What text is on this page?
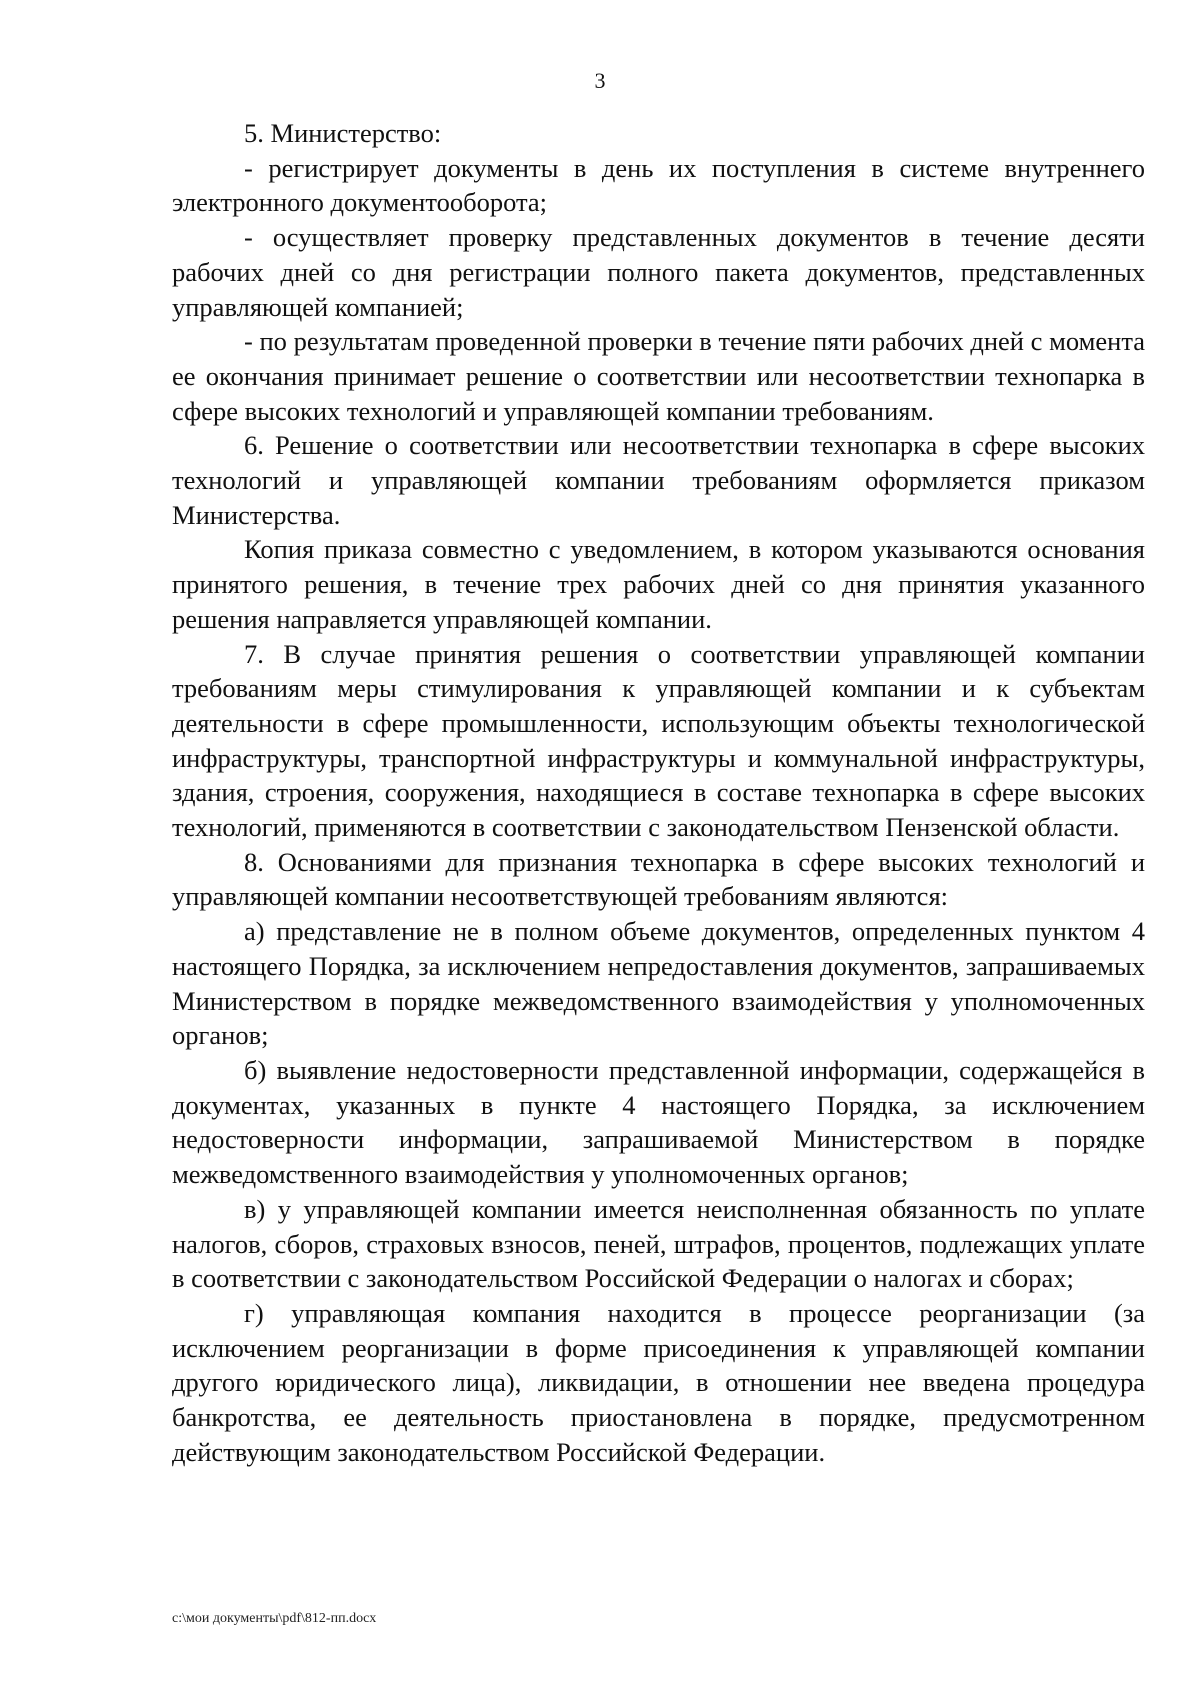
3

5. Министерство:

- регистрирует документы в день их поступления в системе внутреннего электронного документооборота;

- осуществляет проверку представленных документов в течение десяти рабочих дней со дня регистрации полного пакета документов, представленных управляющей компанией;

- по результатам проведенной проверки в течение пяти рабочих дней с момента ее окончания принимает решение о соответствии или несоответствии технопарка в сфере высоких технологий и управляющей компании требованиям.

6. Решение о соответствии или несоответствии технопарка в сфере высоких технологий и управляющей компании требованиям оформляется приказом Министерства.

Копия приказа совместно с уведомлением, в котором указываются основания принятого решения, в течение трех рабочих дней со дня принятия указанного решения направляется управляющей компании.

7. В случае принятия решения о соответствии управляющей компании требованиям меры стимулирования к управляющей компании и к субъектам деятельности в сфере промышленности, использующим объекты технологической инфраструктуры, транспортной инфраструктуры и коммунальной инфраструктуры, здания, строения, сооружения, находящиеся в составе технопарка в сфере высоких технологий, применяются в соответствии с законодательством Пензенской области.

8. Основаниями для признания технопарка в сфере высоких технологий и управляющей компании несоответствующей требованиям являются:

а) представление не в полном объеме документов, определенных пунктом 4 настоящего Порядка, за исключением непредоставления документов, запрашиваемых Министерством в порядке межведомственного взаимодействия у уполномоченных органов;

б) выявление недостоверности представленной информации, содержащейся в документах, указанных в пункте 4 настоящего Порядка, за исключением недостоверности информации, запрашиваемой Министерством в порядке межведомственного взаимодействия у уполномоченных органов;

в) у управляющей компании имеется неисполненная обязанность по уплате налогов, сборов, страховых взносов, пеней, штрафов, процентов, подлежащих уплате в соответствии с законодательством Российской Федерации о налогах и сборах;

г) управляющая компания находится в процессе реорганизации (за исключением реорганизации в форме присоединения к управляющей компании другого юридического лица), ликвидации, в отношении нее введена процедура банкротства, ее деятельность приостановлена в порядке, предусмотренном действующим законодательством Российской Федерации.

c:\мои документы\pdf\812-пп.docx
